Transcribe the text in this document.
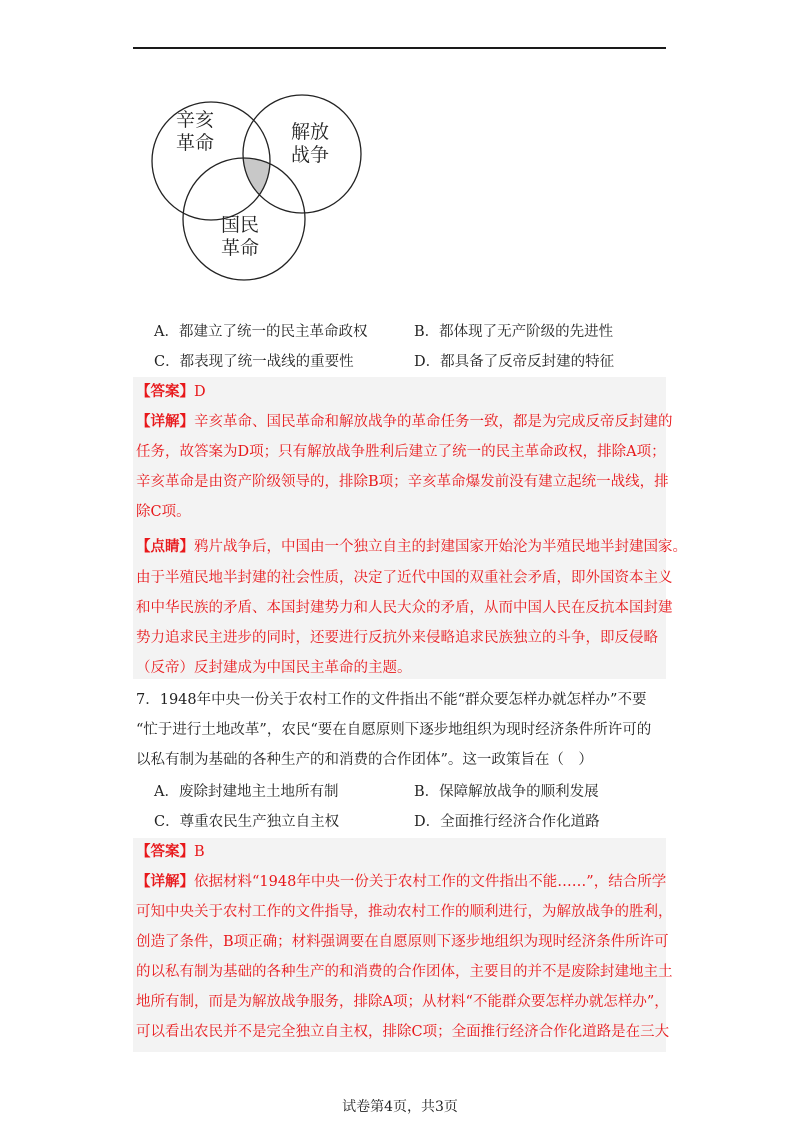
辛亥
革命	解放
战争
国民
革命
A．都建立了统一的民主革命政权	B．都体现了无产阶级的先进性
C．都表现了统一战线的重要性	D．都具备了反帝反封建的特征
【答案】D
【详解】辛亥革命、国民革命和解放战争的革命任务一致，都是为完成反帝反封建的
任务，故答案为D项；只有解放战争胜利后建立了统一的民主革命政权，排除A项；
辛亥革命是由资产阶级领导的，排除B项；辛亥革命爆发前没有建立起统一战线，排
除C项。
【点睛】鸦片战争后，中国由一个独立自主的封建国家开始沦为半殖民地半封建国家。
由于半殖民地半封建的社会性质，决定了近代中国的双重社会矛盾，即外国资本主义
和中华民族的矛盾、本国封建势力和人民大众的矛盾，从而中国人民在反抗本国封建
势力追求民主进步的同时，还要进行反抗外来侵略追求民族独立的斗争，即反侵略
（反帝）反封建成为中国民主革命的主题。
7．1948年中央一份关于农村工作的文件指出不能“群众要怎样办就怎样办”不要
“忙于进行土地改革”，农民“要在自愿原则下逐步地组织为现时经济条件所许可的
以私有制为基础的各种生产的和消费的合作团体”。这一政策旨在（　）
A．废除封建地主土地所有制	B．保障解放战争的顺利发展
C．尊重农民生产独立自主权	D．全面推行经济合作化道路
【答案】B
【详解】依据材料“1948年中央一份关于农村工作的文件指出不能……”，结合所学
可知中央关于农村工作的文件指导，推动农村工作的顺利进行，为解放战争的胜利，
创造了条件，B项正确；材料强调要在自愿原则下逐步地组织为现时经济条件所许可
的以私有制为基础的各种生产的和消费的合作团体，主要目的并不是废除封建地主土
地所有制，而是为解放战争服务，排除A项；从材料“不能群众要怎样办就怎样办”，
可以看出农民并不是完全独立自主权，排除C项；全面推行经济合作化道路是在三大
试卷第4页，共3页
